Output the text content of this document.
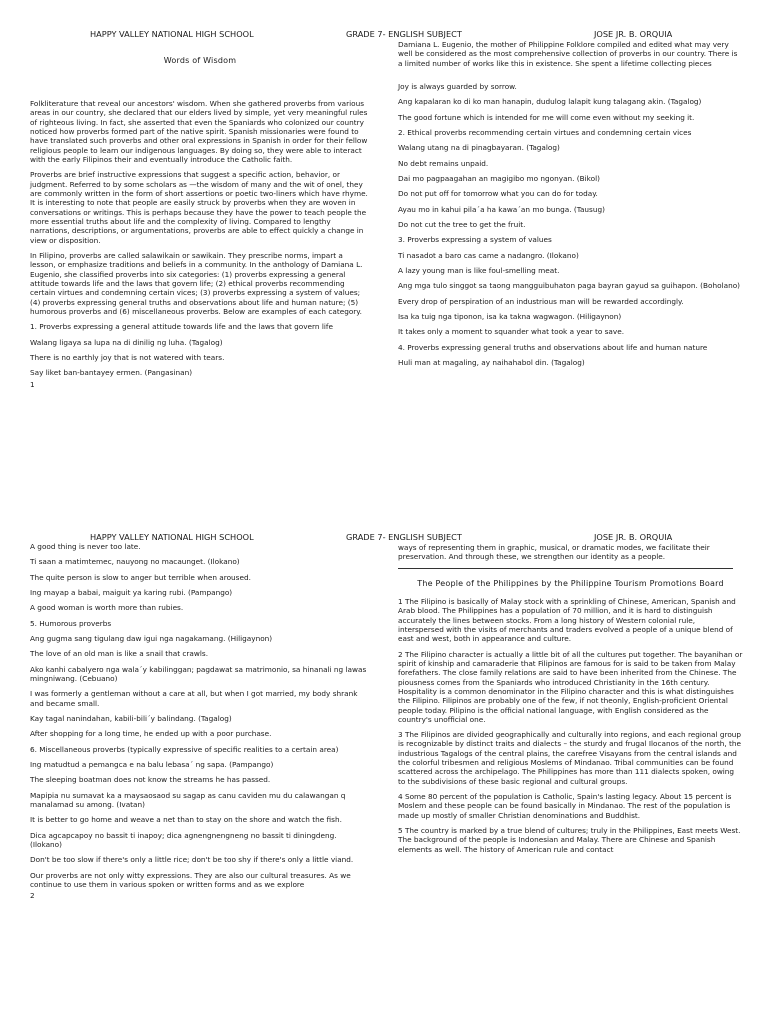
HAPPY VALLEY NATIONAL HIGH SCHOOL	GRADE 7- ENGLISH SUBJECT	JOSE JR. B. ORQUIA
Words of Wisdom

Folkliterature that reveal our ancestors' wisdom. When she gathered proverbs from various areas in our country, she declared that our elders lived by simple, yet very meaningful rules of righteous living. In fact, she asserted that even the Spaniards who colonized our country noticed how proverbs formed part of the native spirit. Spanish missionaries were found to have translated such proverbs and other oral expressions in Spanish in order for their fellow religious people to learn our indigenous languages. By doing so, they were able to interact with the early Filipinos their and eventually introduce the Catholic faith.

Proverbs are brief instructive expressions that suggest a specific action, behavior, or judgment. Referred to by some scholars as —the wisdom of many and the wit of onel, they are commonly written in the form of short assertions or poetic two-liners which have rhyme. It is interesting to note that people are easily struck by proverbs when they are woven in conversations or writings. This is perhaps because they have the power to teach people the more essential truths about life and the complexity of living. Compared to lengthy narrations, descriptions, or argumentations, proverbs are able to effect quickly a change in view or disposition.

In Filipino, proverbs are called salawikain or sawikain. They prescribe norms, impart a lesson, or emphasize traditions and beliefs in a community. In the anthology of Damiana L. Eugenio, she classified proverbs into six categories: (1) proverbs expressing a general attitude towards life and the laws that govern life; (2) ethical proverbs recommending certain virtues and condemning certain vices; (3) proverbs expressing a system of values; (4) proverbs expressing general truths and observations about life and human nature; (5) humorous proverbs and (6) miscellaneous proverbs. Below are examples of each category.

1. Proverbs expressing a general attitude towards life and the laws that govern life

Walang ligaya sa lupa na di dinilig ng luha. (Tagalog)

There is no earthly joy that is not watered with tears.

Say liket ban-bantayey ermen. (Pangasinan)

1

Damiana L. Eugenio, the mother of Philippine Folklore compiled and edited what may very well be considered as the most comprehensive collection of proverbs in our country. There is a limited number of works like this in existence. She spent a lifetime collecting pieces

Joy is always guarded by sorrow.

Ang kapalaran ko di ko man hanapin, dudulog lalapit kung talagang akin. (Tagalog)

The good fortune which is intended for me will come even without my seeking it.

2. Ethical proverbs recommending certain virtues and condemning certain vices

Walang utang na di pinagbayaran. (Tagalog)

No debt remains unpaid.

Dai mo pagpaagahan an magigibo mo ngonyan. (Bikol)

Do not put off for tomorrow what you can do for today.

Ayau mo in kahui pila´a ha kawa´an mo bunga. (Tausug)

Do not cut the tree to get the fruit.

3. Proverbs expressing a system of values

Ti nasadot a baro cas came a nadangro. (Ilokano)

A lazy young man is like foul-smelling meat.

Ang mga tulo singgot sa taong mangguibuhaton paga bayran gayud sa guihapon. (Boholano)

Every drop of perspiration of an industrious man will be rewarded accordingly.

Isa ka tuig nga tiponon, isa ka takna wagwagon. (Hiligaynon)

It takes only a moment to squander what took a year to save.

4. Proverbs expressing general truths and observations about life and human nature

Huli man at magaling, ay naihahabol din. (Tagalog)

HAPPY VALLEY NATIONAL HIGH SCHOOL	GRADE 7- ENGLISH SUBJECT	JOSE JR. B. ORQUIA

A good thing is never too late.

Ti saan a matimtemec, nauyong no macaunget. (Ilokano)

The quite person is slow to anger but terrible when aroused.

Ing mayap a babai, maiguit ya karing rubi. (Pampango)

A good woman is worth more than rubies.

5. Humorous proverbs

Ang gugma sang tigulang daw igui nga nagakamang. (Hiligaynon)

The love of an old man is like a snail that crawls.

Ako kanhi cabalyero nga wala´y kabilinggan; pagdawat sa matrimonio, sa hinanali ng lawas mingniwang. (Cebuano)

I was formerly a gentleman without a care at all, but when I got married, my body shrank and became small.

Kay tagal nanindahan, kabili-bili´y balindang. (Tagalog)

After shopping for a long time, he ended up with a poor purchase.

6. Miscellaneous proverbs (typically expressive of specific realities to a certain area)

Ing matudtud a pemangca e na balu lebasa´ ng sapa. (Pampango)

The sleeping boatman does not know the streams he has passed.

Mapipia nu sumavat ka a maysaosaod su sagap as canu caviden mu du calawangan q manalamad su among. (Ivatan)

It is better to go home and weave a net than to stay on the shore and watch the fish.

Dica agcapcapoy no bassit ti inapoy; dica agnengnengneng no bassit ti diningdeng. (Ilokano)

Don't be too slow if there's only a little rice; don't be too shy if there's only a little viand.

Our proverbs are not only witty expressions. They are also our cultural treasures. As we continue to use them in various spoken or written forms and as we explore

2

ways of representing them in graphic, musical, or dramatic modes, we facilitate their preservation. And through these, we strengthen our identity as a people.

The People of the Philippines by the Philippine Tourism Promotions Board

1 The Filipino is basically of Malay stock with a sprinkling of Chinese, American, Spanish and Arab blood. The Philippines has a population of 70 million, and it is hard to distinguish accurately the lines between stocks. From a long history of Western colonial rule, interspersed with the visits of merchants and traders evolved a people of a unique blend of east and west, both in appearance and culture.

2 The Filipino character is actually a little bit of all the cultures put together. The bayanihan or spirit of kinship and camaraderie that Filipinos are famous for is said to be taken from Malay forefathers. The close family relations are said to have been inherited from the Chinese. The piousness comes from the Spaniards who introduced Christianity in the 16th century. Hospitality is a common denominator in the Filipino character and this is what distinguishes the Filipino. Filipinos are probably one of the few, if not theonly, English-proficient Oriental people today. Pilipino is the official national language, with English considered as the country's unofficial one.

3 The Filipinos are divided geographically and culturally into regions, and each regional group is recognizable by distinct traits and dialects – the sturdy and frugal Ilocanos of the north, the industrious Tagalogs of the central plains, the carefree Visayans from the central islands and the colorful tribesmen and religious Moslems of Mindanao. Tribal communities can be found scattered across the archipelago. The Philippines has more than 111 dialects spoken, owing to the subdivisions of these basic regional and cultural groups.

4 Some 80 percent of the population is Catholic, Spain's lasting legacy. About 15 percent is Moslem and these people can be found basically in Mindanao. The rest of the population is made up mostly of smaller Christian denominations and Buddhist.

5 The country is marked by a true blend of cultures; truly in the Philippines, East meets West. The background of the people is Indonesian and Malay. There are Chinese and Spanish elements as well. The history of American rule and contact
